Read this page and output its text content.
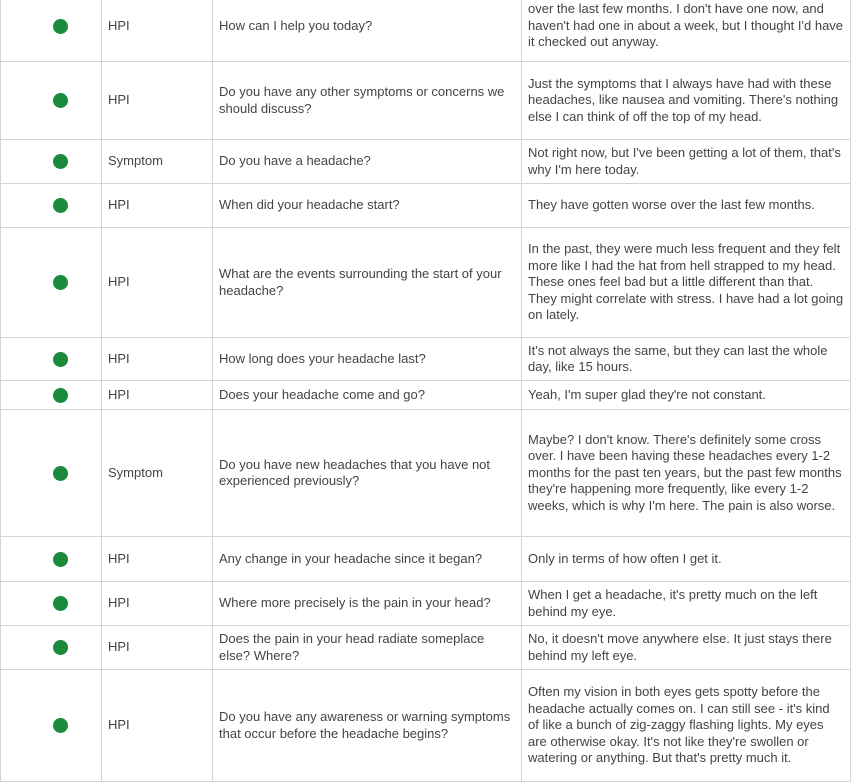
	HPI	How can I help you today?	over the last few months. I don't have one now, and haven't had one in about a week, but I thought I'd have it checked out anyway.

	HPI	Do you have any other symptoms or concerns we should discuss?	Just the symptoms that I always have had with these headaches, like nausea and vomiting. There's nothing else I can think of off the top of my head.

	Symptom	Do you have a headache?	Not right now, but I've been getting a lot of them, that's why I'm here today.

	HPI	When did your headache start?	They have gotten worse over the last few months.

	HPI	What are the events surrounding the start of your headache?	In the past, they were much less frequent and they felt more like I had the hat from hell strapped to my head. These ones feel bad but a little different than that. They might correlate with stress. I have had a lot going on lately.

	HPI	How long does your headache last?	It's not always the same, but they can last the whole day, like 15 hours.

	HPI	Does your headache come and go?	Yeah, I'm super glad they're not constant.

	Symptom	Do you have new headaches that you have not experienced previously?	Maybe? I don't know. There's definitely some cross over. I have been having these headaches every 1-2 months for the past ten years, but the past few months they're happening more frequently, like every 1-2 weeks, which is why I'm here. The pain is also worse.

	HPI	Any change in your headache since it began?	Only in terms of how often I get it.

	HPI	Where more precisely is the pain in your head?	When I get a headache, it's pretty much on the left behind my eye.

	HPI	Does the pain in your head radiate someplace else? Where?	No, it doesn't move anywhere else. It just stays there behind my left eye.

	HPI	Do you have any awareness or warning symptoms that occur before the headache begins?	Often my vision in both eyes gets spotty before the headache actually comes on. I can still see - it's kind of like a bunch of zig-zaggy flashing lights. My eyes are otherwise okay. It's not like they're swollen or watering or anything. But that's pretty much it.
